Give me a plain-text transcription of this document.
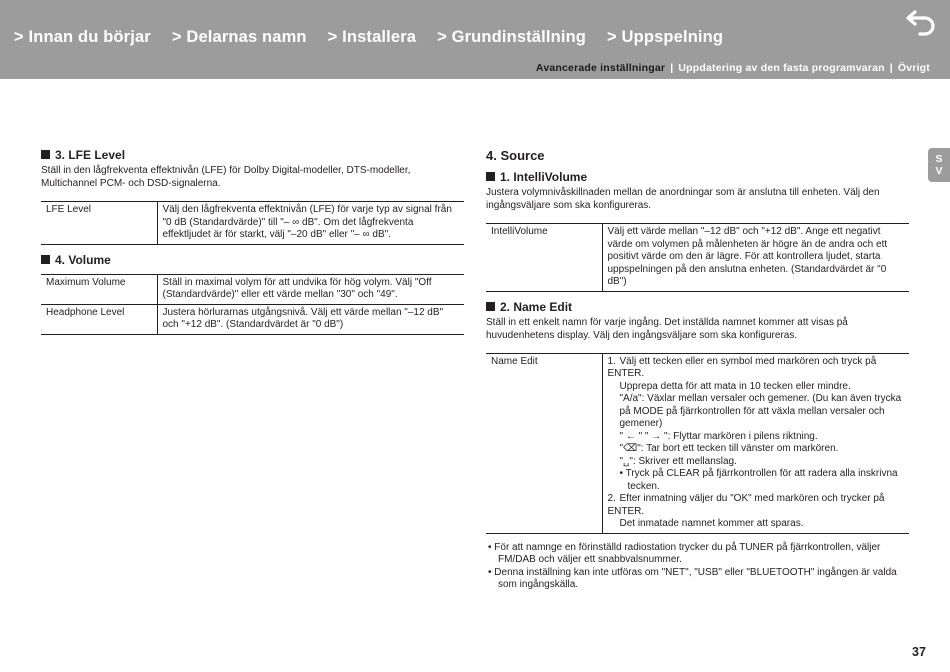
> Innan du börjar > Delarnas namn > Installera > Grundinställning > Uppspelning
Avancerade inställningar | Uppdatering av den fasta programvaran | Övrigt
S
V
3. LFE Level

Ställ in den lågfrekventa effektnivån (LFE) för Dolby Digital-modeller, DTS-modeller, Multichannel PCM- och DSD-signalerna.

LFE Level	Välj den lågfrekventa effektnivån (LFE) för varje typ av signal från "0 dB (Standardvärde)" till "– ∞ dB". Om det lågfrekventa effektljudet är för starkt, välj "–20 dB" eller "– ∞ dB".
4. Volume
Maximum Volume	Ställ in maximal volym för att undvika för hög volym. Välj "Off (Standardvärde)" eller ett värde mellan "30" och "49".
Headphone Level	Justera hörlurarnas utgångsnivå. Välj ett värde mellan "–12 dB" och "+12 dB". (Standardvärdet är "0 dB")
4. Source
1. IntelliVolume

Justera volymnivåskillnaden mellan de anordningar som är anslutna till enheten. Välj den ingångsväljare som ska konfigureras.

IntelliVolume	Välj ett värde mellan "–12 dB" och "+12 dB". Ange ett negativt värde om volymen på målenheten är högre än de andra och ett positivt värde om den är lägre. För att kontrollera ljudet, starta uppspelningen på den anslutna enheten. (Standardvärdet är "0 dB")
2. Name Edit

Ställ in ett enkelt namn för varje ingång. Det inställda namnet kommer att visas på huvudenhetens display. Välj den ingångsväljare som ska konfigureras.

Name Edit	1. Välj ett tecken eller en symbol med markören och tryck på ENTER.
Upprepa detta för att mata in 10 tecken eller mindre.
"A/a": Växlar mellan versaler och gemener. (Du kan även trycka på MODE på fjärrkontrollen för att växla mellan versaler och gemener)
" ← " " → ": Flyttar markören i pilens riktning.
"⌫": Tar bort ett tecken till vänster om markören.
"␣": Skriver ett mellanslag.
• Tryck på CLEAR på fjärrkontrollen för att radera alla inskrivna tecken.
2. Efter inmatning väljer du "OK" med markören och trycker på ENTER.
Det inmatade namnet kommer att sparas.
• För att namnge en förinställd radiostation trycker du på TUNER på fjärrkontrollen, väljer FM/DAB och väljer ett snabbvalsnummer.
• Denna inställning kan inte utföras om "NET", "USB" eller "BLUETOOTH" ingången är valda som ingångskälla.
37
